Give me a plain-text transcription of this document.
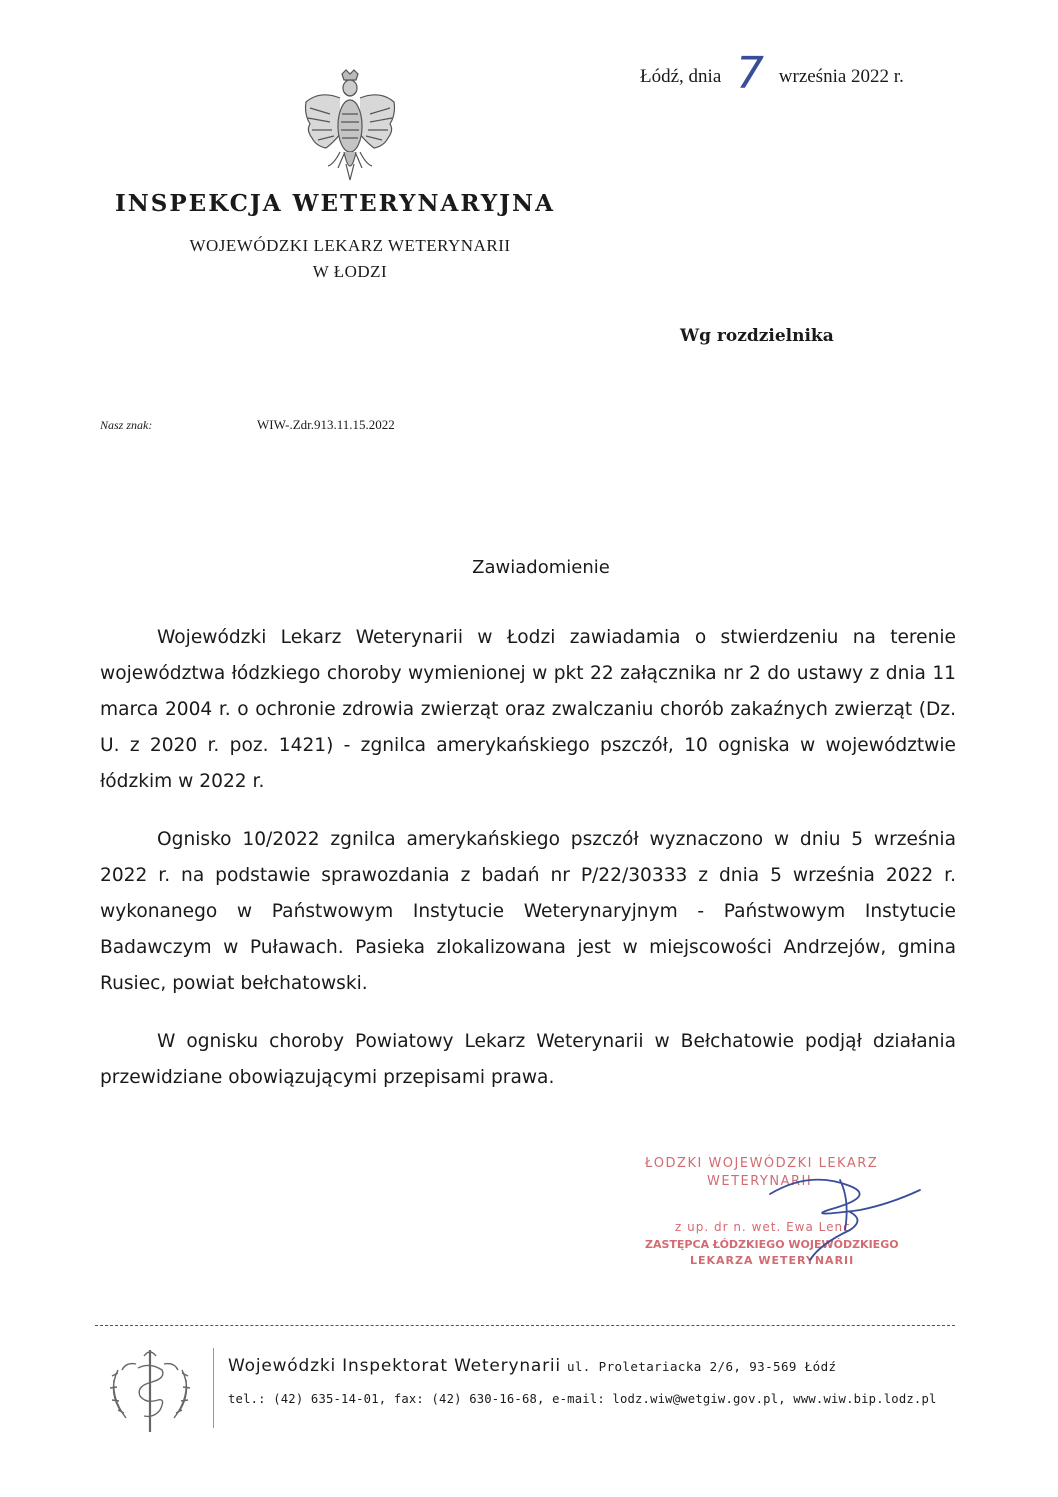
Łódź, dnia 7 września 2022 r.
INSPEKCJA WETERYNARYJNA
WOJEWÓDZKI LEKARZ WETERYNARII
W ŁODZI
Wg rozdzielnika
Nasz znak:	WIW-.Zdr.913.11.15.2022
Zawiadomienie

Wojewódzki Lekarz Weterynarii w Łodzi zawiadamia o stwierdzeniu na terenie województwa łódzkiego choroby wymienionej w pkt 22 załącznika nr 2 do ustawy z dnia 11 marca 2004 r. o ochronie zdrowia zwierząt oraz zwalczaniu chorób zakaźnych zwierząt (Dz. U. z 2020 r. poz. 1421) - zgnilca amerykańskiego pszczół, 10 ogniska w województwie łódzkim w 2022 r.

Ognisko 10/2022 zgnilca amerykańskiego pszczół wyznaczono w dniu 5 września 2022 r. na podstawie sprawozdania z badań nr P/22/30333 z dnia 5 września 2022 r. wykonanego w Państwowym Instytucie Weterynaryjnym - Państwowym Instytucie Badawczym w Puławach. Pasieka zlokalizowana jest w miejscowości Andrzejów, gmina Rusiec, powiat bełchatowski.

W ognisku choroby Powiatowy Lekarz Weterynarii w Bełchatowie podjął działania przewidziane obowiązującymi przepisami prawa.

ŁODZKI WOJEWÓDZKI LEKARZ
WETERYNARII
z up. dr n. wet. Ewa Lenc
ZASTĘPCA ŁÓDZKIEGO WOJEWÓDZKIEGO
LEKARZA WETERYNARII
Wojewódzki Inspektorat Weterynarii ul. Proletariacka 2/6, 93-569 Łódź
tel.: (42) 635-14-01, fax: (42) 630-16-68, e-mail: lodz.wiw@wetgiw.gov.pl, www.wiw.bip.lodz.pl
